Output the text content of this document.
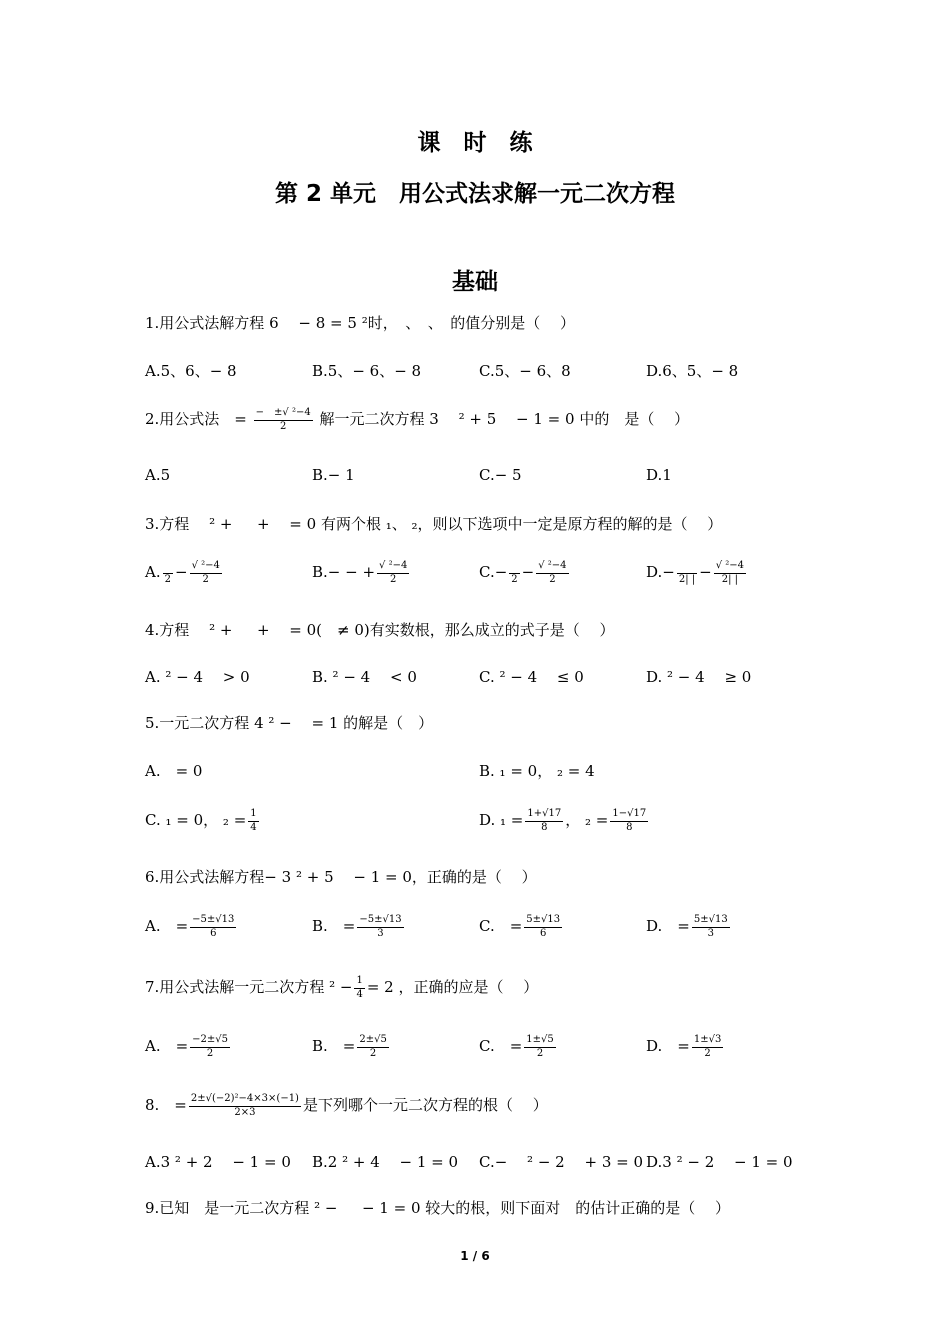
课　时　练
第 2 单元　用公式法求解一元二次方程
基础
1.用公式法解方程 6 　− 8 = 5 ²时，　、　、　的值分别是（　 ）
A.5、6、− 8	B.5、− 6、− 8	C.5、− 6、8	D.6、5、− 8
2.用公式法　= $\frac{\text{−　±√ ²−4}}{2}$ 解一元二次方程 3 　² + 5 　− 1 = 0 中的　是（　 ）
A.5	B.− 1	C.− 5	D.1
3.方程　 ² + 　 + 　= 0 有两个根 ₁、 ₂，则以下选项中一定是原方程的解的是（　 ）
A. $2 - \frac{\text{√ ²−4}}{2}$	B.− − + $\frac{\text{√ ²−4}}{2}$	$C.- 2 - \frac{\text{√ ²−4}}{2}$	D.− 2| | − $\frac{\text{√ ²−4}}{2| |}$
4.方程　 ² + 　 + 　= 0(　≠ 0)有实数根，那么成立的式子是（　 ）
A. ² − 4 　> 0	B. ² − 4 　< 0	C. ² − 4 　≤ 0	D. ² − 4 　≥ 0
5.一元二次方程 4 ² − 　= 1 的解是（　）
A.　= 0	B. ₁ = 0， ₂ = 4
C. ₁ = 0， $_2 = \frac{1}{4}$	D. $_1 = \frac{1+√17}{8}$ ， $_2 = \frac{1-√17}{8}$
6.用公式法解方程− 3 ² + 5 　− 1 = 0，正确的是（　 ）
A.　= $\frac{-5\pm√13}{6}$	B.　= $\frac{-5\pm√13}{3}$	C.　= $\frac{5\pm√13}{6}$	D.　= $\frac{5\pm√13}{3}$
7.用公式法解一元二次方程 $^2 - \frac{1}{4} = 2$ ，正确的应是（　 ）
A.　= $\frac{-2\pm√5}{2}$	B.　= $\frac{2\pm√5}{2}$	C.　= $\frac{1\pm√5}{2}$	D.　= $\frac{1\pm√3}{2}$
8.　= $\frac{\text{2±√(−2)²−4×3×(−1)}}{2\times 3}$ 是下列哪个一元二次方程的根（　 ）
A.3 ² + 2 　− 1 = 0 B.2 ² + 4 　− 1 = 0 C.− 　² − 2 　+ 3 = 0 D.3 ² − 2 　− 1 = 0
9.已知　是一元二次方程 ² − 　 − 1 = 0 较大的根，则下面对　的估计正确的是（　 ）
1 / 6
